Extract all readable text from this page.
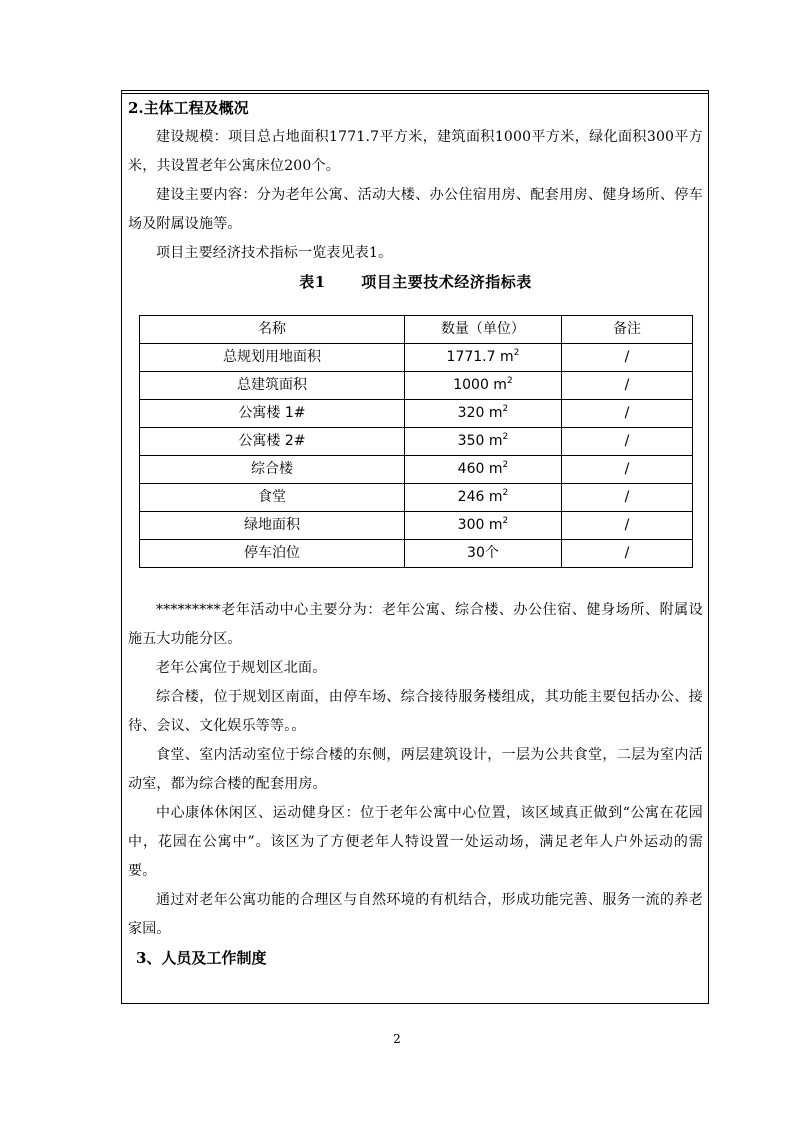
2.主体工程及概况

建设规模：项目总占地面积1771.7平方米，建筑面积1000平方米，绿化面积300平方米，共设置老年公寓床位200个。

建设主要内容：分为老年公寓、活动大楼、办公住宿用房、配套用房、健身场所、停车场及附属设施等。

项目主要经济技术指标一览表见表1。

表1 项目主要技术经济指标表

名称	数量（单位）	备注
总规划用地面积	1771.7 $m^2$	/
总建筑面积	1000 $m^2$	/
公寓楼 1#	320 $m^2$	/
公寓楼 2#	350 $m^2$	/
综合楼	460 $m^2$	/
食堂	246 $m^2$	/
绿地面积	300 $m^2$	/
停车泊位	30个	/

*********老年活动中心主要分为：老年公寓、综合楼、办公住宿、健身场所、附属设施五大功能分区。

老年公寓位于规划区北面。

综合楼，位于规划区南面，由停车场、综合接待服务楼组成，其功能主要包括办公、接待、会议、文化娱乐等等。。

食堂、室内活动室位于综合楼的东侧，两层建筑设计，一层为公共食堂，二层为室内活动室，都为综合楼的配套用房。

中心康体休闲区、运动健身区：位于老年公寓中心位置，该区域真正做到“公寓在花园中，花园在公寓中”。该区为了方便老年人特设置一处运动场，满足老年人户外运动的需要。

通过对老年公寓功能的合理区与自然环境的有机结合，形成功能完善、服务一流的养老家园。

3、人员及工作制度

2
